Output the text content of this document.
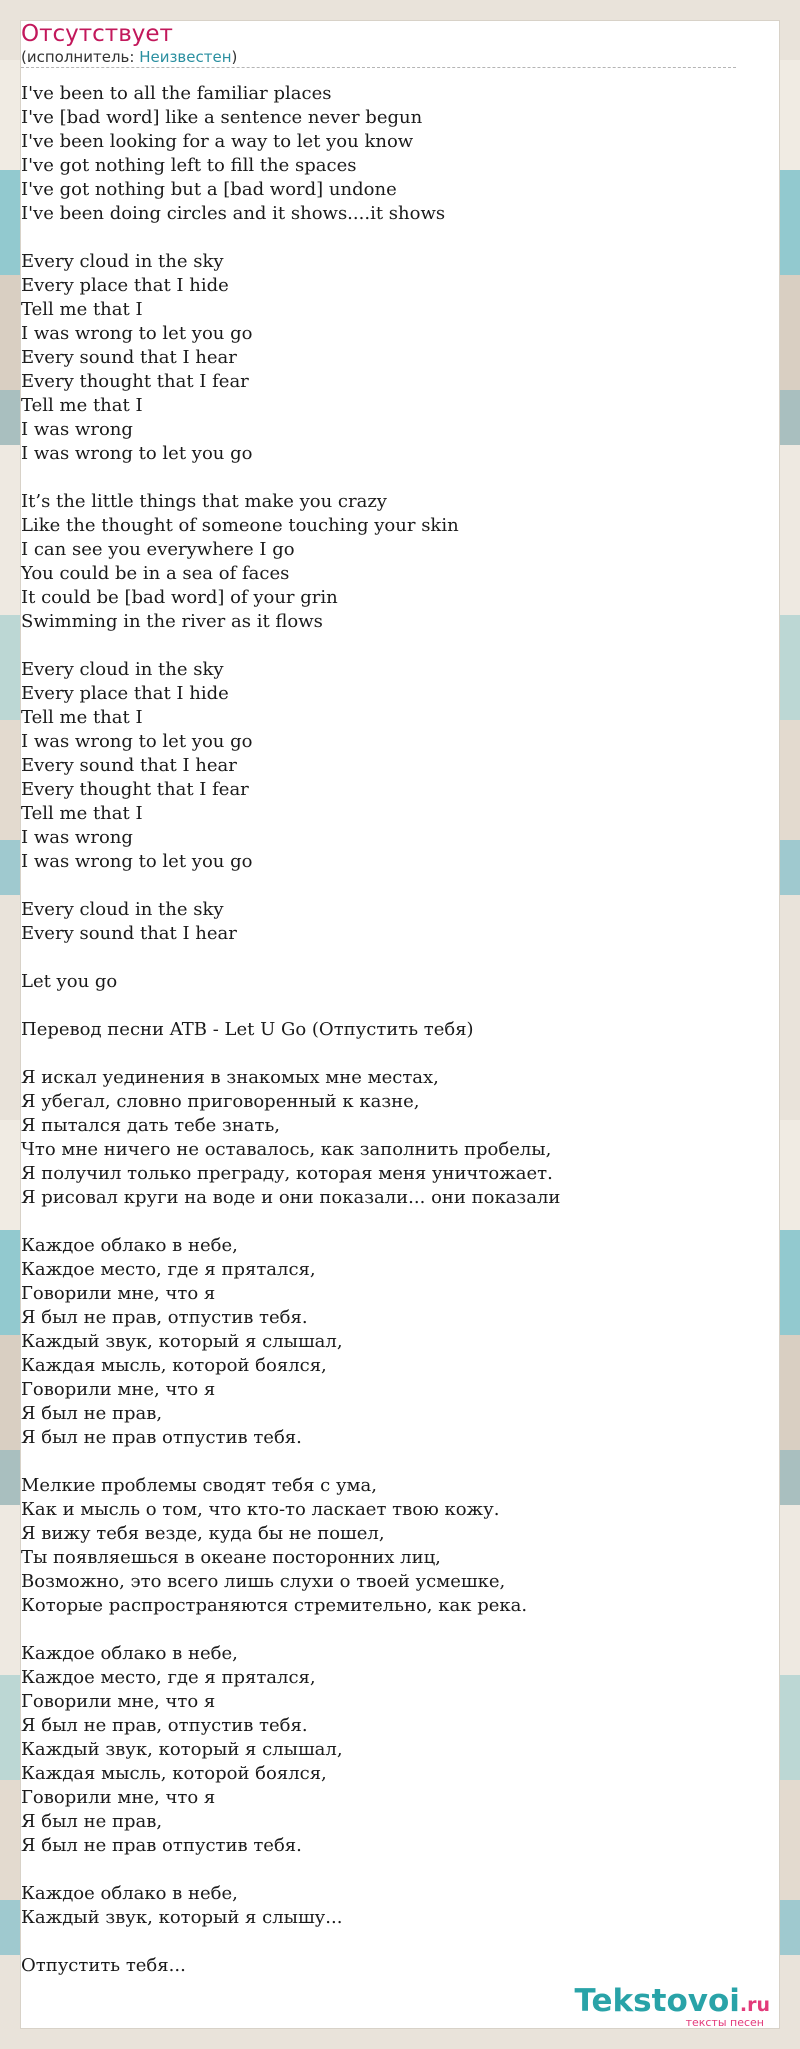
Отсутствует
(исполнитель: Неизвестен)
I've been to all the familiar places
I've [bad word] like a sentence never begun
I've been looking for a way to let you know
I've got nothing left to fill the spaces
I've got nothing but a [bad word] undone
I've been doing circles and it shows....it shows

Every cloud in the sky
Every place that I hide
Tell me that I
I was wrong to let you go
Every sound that I hear
Every thought that I fear
Tell me that I
I was wrong
I was wrong to let you go

It’s the little things that make you crazy
Like the thought of someone touching your skin
I can see you everywhere I go
You could be in a sea of faces
It could be [bad word] of your grin
Swimming in the river as it flows

Every cloud in the sky
Every place that I hide
Tell me that I
I was wrong to let you go
Every sound that I hear
Every thought that I fear
Tell me that I
I was wrong
I was wrong to let you go

Every cloud in the sky
Every sound that I hear

Let you go

Перевод песни ATB - Let U Go (Отпустить тебя)

Я искал уединения в знакомых мне местах,
Я убегал, словно приговоренный к казне,
Я пытался дать тебе знать,
Что мне ничего не оставалось, как заполнить пробелы,
Я получил только преграду, которая меня уничтожает.
Я рисовал круги на воде и они показали... они показали

Каждое облако в небе,
Каждое место, где я прятался,
Говорили мне, что я
Я был не прав, отпустив тебя.
Каждый звук, который я слышал,
Каждая мысль, которой боялся,
Говорили мне, что я
Я был не прав,
Я был не прав отпустив тебя.

Мелкие проблемы сводят тебя с ума,
Как и мысль о том, что кто-то ласкает твою кожу.
Я вижу тебя везде, куда бы не пошел,
Ты появляешься в океане посторонних лиц,
Возможно, это всего лишь слухи о твоей усмешке,
Которые распространяются стремительно, как река.

Каждое облако в небе,
Каждое место, где я прятался,
Говорили мне, что я
Я был не прав, отпустив тебя.
Каждый звук, который я слышал,
Каждая мысль, которой боялся,
Говорили мне, что я
Я был не прав,
Я был не прав отпустив тебя.

Каждое облако в небе,
Каждый звук, который я слышу...

Отпустить тебя...
Tekstovoi.ru
тексты песен
